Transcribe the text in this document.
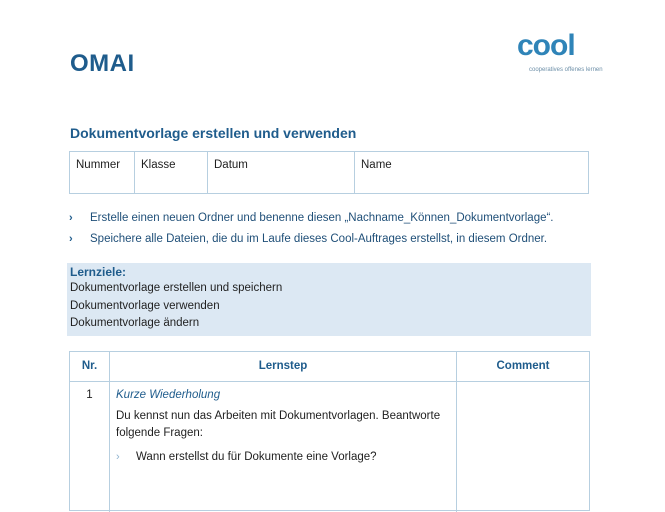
OMAI
cool
cooperatives offenes lernen
Dokumentvorlage erstellen und verwenden
Nummer	Klasse	Datum	Name
›	Erstelle einen neuen Ordner und benenne diesen „Nachname_Können_Dokumentvorlage“.
›	Speichere alle Dateien, die du im Laufe dieses Cool-Auftrages erstellst, in diesem Ordner.
Lernziele:
Dokumentvorlage erstellen und speichern
Dokumentvorlage verwenden
Dokumentvorlage ändern
Nr.	Lernstep	Comment
1	Kurze Wiederholung
Du kennst nun das Arbeiten mit Dokumentvorlagen. Beantworte folgende Fragen:
›	Wann erstellst du für Dokumente eine Vorlage?
